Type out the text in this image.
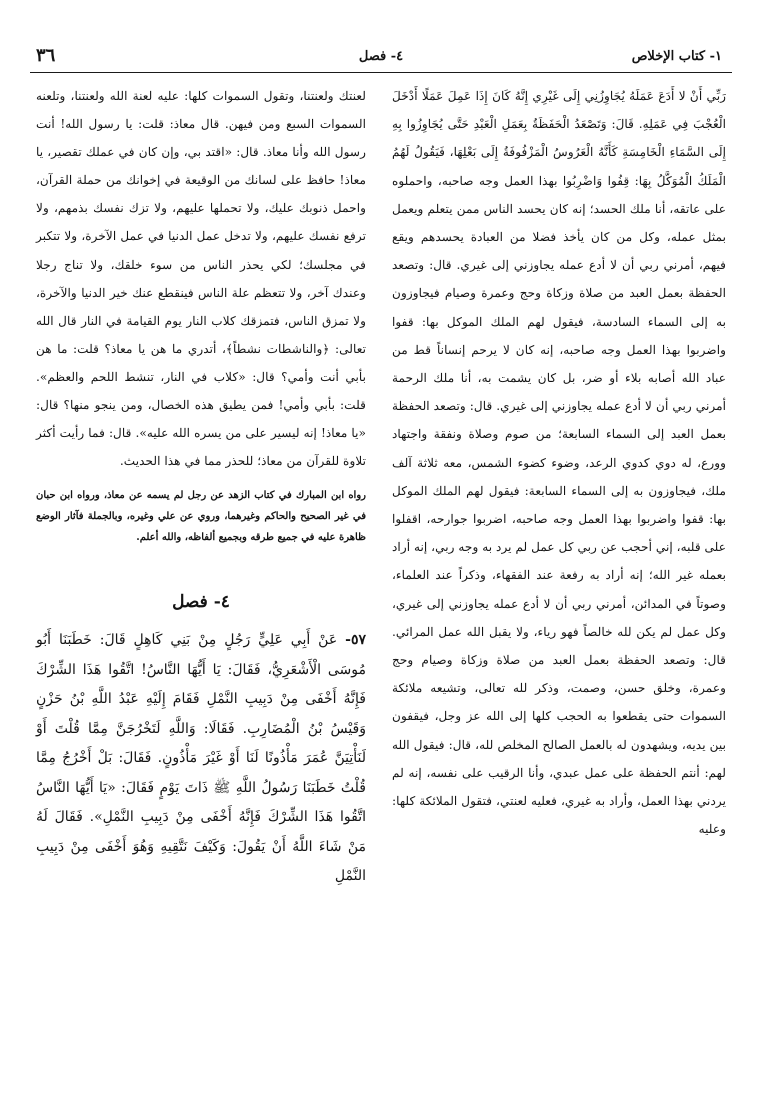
١- كتاب الإخلاص
٤- فصل
٣٦

رَبِّي أَنْ لا أَدَعَ عَمَلَهُ يُجَاوِزُنِي إِلَى غَيْرِي إِنَّهُ كَانَ إِذَا عَمِلَ عَمَلًا أَدْخَلَ الْعُجْبَ فِي عَمَلِهِ. قَالَ: وَتَصْعَدُ الْحَفَظَةُ بِعَمَلِ الْعَبْدِ حَتَّى يُجَاوِزُوا بِهِ إِلَى السَّمَاءِ الْخَامِسَةِ كَأَنَّهُ الْعَرُوسُ الْمَزْفُوفَةُ إِلَى بَعْلِهَا، فَيَقُولُ لَهُمُ الْمَلَكُ الْمُوَكَّلُ بِهَا: قِفُوا وَاضْرِبُوا بهذا العمل وجه صاحبه، واحملوه على عاتقه، أنا ملك الحسد؛ إنه كان يحسد الناس ممن يتعلم ويعمل بمثل عمله، وكل من كان يأخذ فضلا من العبادة يحسدهم ويقع فيهم، أمرني ربي أن لا أدع عمله يجاوزني إلى غيري. قال: وتصعد الحفظة بعمل العبد من صلاة وزكاة وحج وعمرة وصيام فيجاوزون به إلى السماء السادسة، فيقول لهم الملك الموكل بها: قفوا واضربوا بهذا العمل وجه صاحبه، إنه كان لا يرحم إنساناً قط من عباد الله أصابه بلاء أو ضر، بل كان يشمت به، أنا ملك الرحمة أمرني ربي أن لا أدع عمله يجاوزني إلى غيري. قال: وتصعد الحفظة بعمل العبد إلى السماء السابعة؛ من صوم وصلاة ونفقة واجتهاد وورع، له دوي كدوي الرعد، وضوء كضوء الشمس، معه ثلاثة آلف ملك، فيجاوزون به إلى السماء السابعة: فيقول لهم الملك الموكل بها: قفوا واضربوا بهذا العمل وجه صاحبه، اضربوا جوارحه، اقفلوا على قلبه، إني أحجب عن ربي كل عمل لم يرد به وجه ربي، إنه أراد بعمله غير الله؛ إنه أراد به رفعة عند الفقهاء، وذكراً عند العلماء، وصوتاً في المدائن، أمرني ربي أن لا أدع عمله يجاوزني إلى غيري، وكل عمل لم يكن لله خالصاً فهو رياء، ولا يقبل الله عمل المرائي. قال: وتصعد الحفظة بعمل العبد من صلاة وزكاة وصيام وحج وعمرة، وخلق حسن، وصمت، وذكر لله تعالى، وتشيعه ملائكة السموات حتى يقطعوا به الحجب كلها إلى الله عز وجل، فيقفون بين يديه، ويشهدون له بالعمل الصالح المخلص لله، قال: فيقول الله لهم: أنتم الحفظة على عمل عبدي، وأنا الرقيب على نفسه، إنه لم يردني بهذا العمل، وأراد به غيري، فعليه لعنتي، فتقول الملائكة كلها: وعليه

لعنتك ولعنتنا، وتقول السموات كلها: عليه لعنة الله ولعنتنا، وتلعنه السموات السبع ومن فيهن. قال معاذ: قلت: يا رسول الله! أنت رسول الله وأنا معاذ. قال: «اقتد بي، وإن كان في عملك تقصير، يا معاذ! حافظ على لسانك من الوقيعة في إخوانك من حملة القرآن، واحمل ذنوبك عليك، ولا تحملها عليهم، ولا تزك نفسك بذمهم، ولا ترفع نفسك عليهم، ولا تدخل عمل الدنيا في عمل الآخرة، ولا تتكبر في مجلسك؛ لكي يحذر الناس من سوء خلقك، ولا تناج رجلا وعندك آخر، ولا تتعظم علة الناس فينقطع عنك خير الدنيا والآخرة، ولا تمزق الناس، فتمزقك كلاب النار يوم القيامة في النار قال الله تعالى: ﴿والناشطات نشطاً﴾، أتدري ما هن يا معاذ؟ قلت: ما هن بأبي أنت وأمي؟ قال: «كلاب في النار، تنشط اللحم والعظم». قلت: بأبي وأمي! فمن يطيق هذه الخصال، ومن ينجو منها؟ قال: «يا معاذ! إنه ليسير على من يسره الله عليه». قال: فما رأيت أكثر تلاوة للقرآن من معاذ؛ للحذر مما في هذا الحديث.

رواه ابن المبارك في كتاب الزهد عن رجل لم يسمه عن معاذ، ورواه ابن حبان في غير الصحيح والحاكم وغيرهما، وروي عن علي وغيره، وبالجملة فآثار الوضع ظاهرة عليه في جميع طرقه وبجميع ألفاظه، والله أعلم.

٤- فصل

٥٧- عَنْ أَبِي عَلِيٍّ رَجُلٍ مِنْ بَنِي كَاهِلٍ قَالَ: خَطَبَنَا أَبُو مُوسَى الْأَشْعَرِيُّ، فَقَالَ: يَا أَيُّهَا النَّاسُ! اتَّقُوا هَذَا الشِّرْكَ فَإِنَّهُ أَخْفَى مِنْ دَبِيبِ النَّمْلِ فَقَامَ إِلَيْهِ عَبْدُ اللَّهِ بْنُ حَزْنٍ وَقَيْسُ بْنُ الْمُضَارِبِ. فَقَالَا: وَاللَّهِ لَتَخْرُجَنَّ مِمَّا قُلْتَ أَوْ لَنَأْتِيَنَّ عُمَرَ مَأْذُونًا لَنَا أَوْ غَيْرَ مَأْذُونٍ. فَقَالَ: بَلْ أَخْرُجُ مِمَّا قُلْتُ خَطَبَنَا رَسُولُ اللَّهِ ﷺ ذَاتَ يَوْمٍ فَقَالَ: «يَا أَيُّهَا النَّاسُ اتَّقُوا هَذَا الشِّرْكَ فَإِنَّهُ أَخْفَى مِنْ دَبِيبِ النَّمْلِ». فَقَالَ لَهُ مَنْ شَاءَ اللَّهُ أَنْ يَقُولَ: وَكَيْفَ نَتَّقِيهِ وَهُوَ أَخْفَى مِنْ دَبِيبِ النَّمْلِ
